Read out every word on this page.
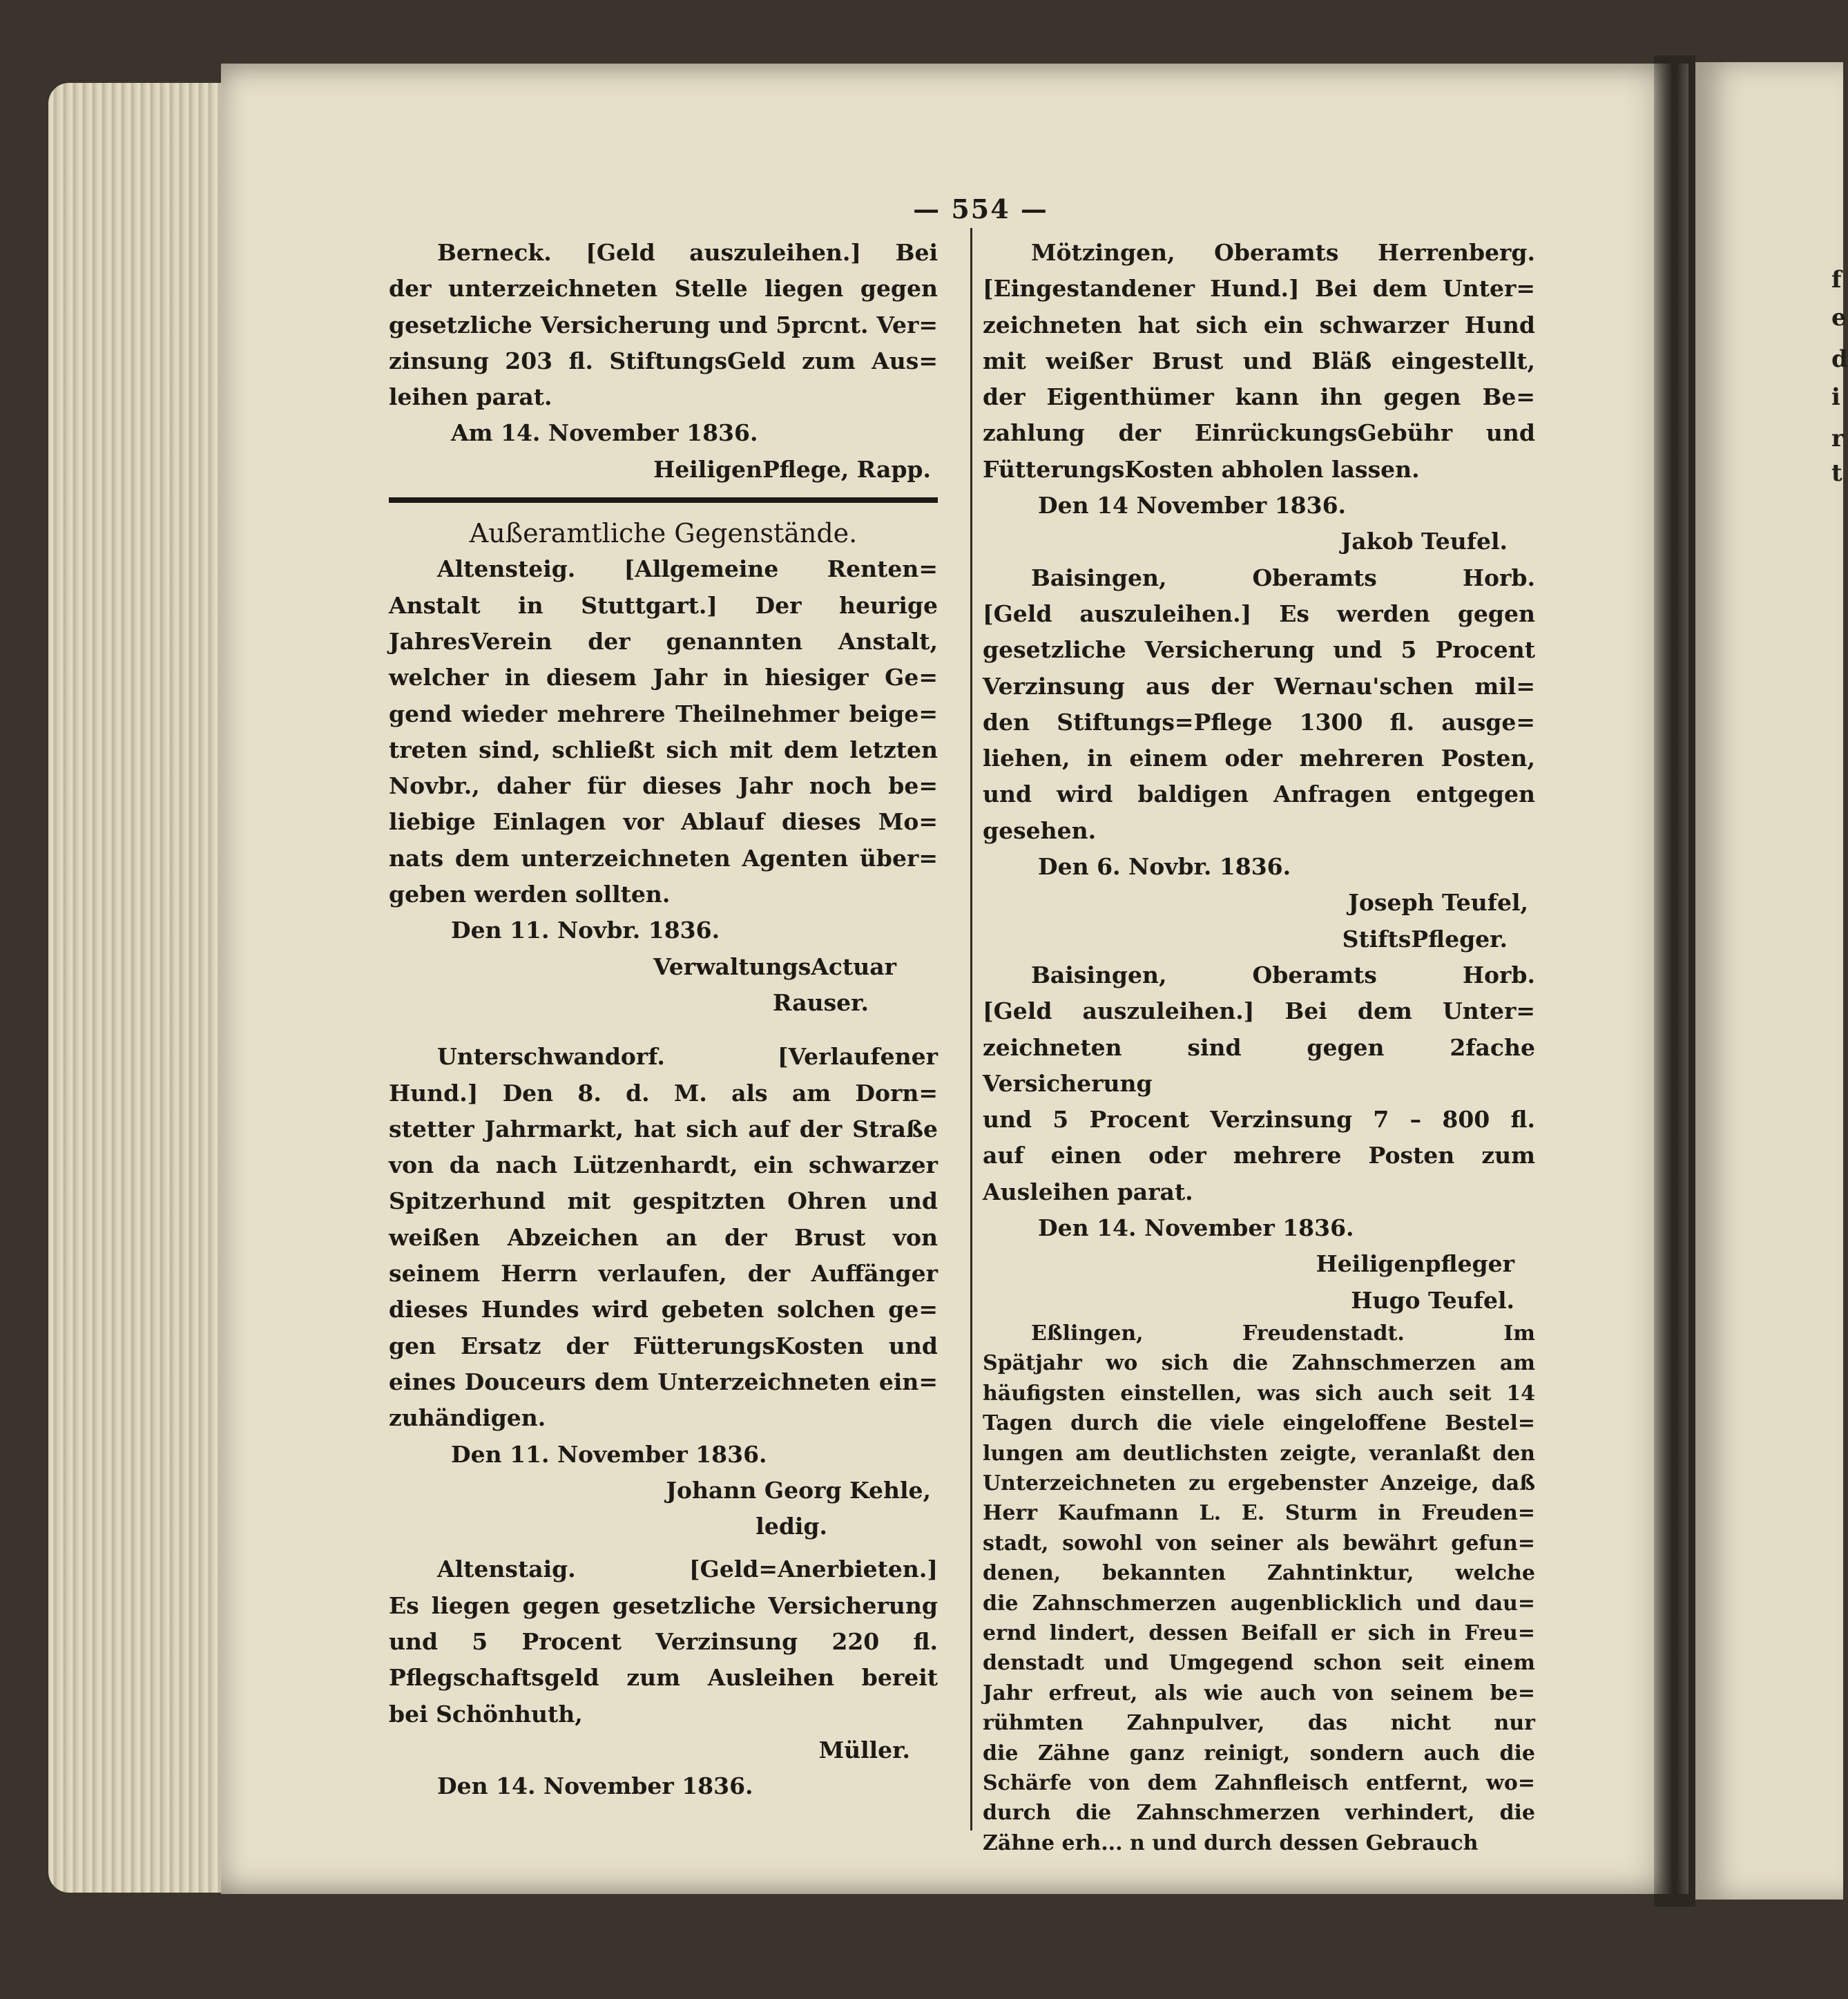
f
e
d
i
r
t
— 554 —

Berneck. [Geld auszuleihen.] Bei
der unterzeichneten Stelle liegen gegen
gesetzliche Versicherung und 5prcnt. Ver=
zinsung 203 fl. StiftungsGeld zum Aus=
leihen parat.

Am 14. November 1836.
HeiligenPflege, Rapp.
Außeramtliche Gegenstände.

Altensteig. [Allgemeine Renten=
Anstalt in Stuttgart.] Der heurige
JahresVerein der genannten Anstalt,
welcher in diesem Jahr in hiesiger Ge=
gend wieder mehrere Theilnehmer beige=
treten sind, schließt sich mit dem letzten
Novbr., daher für dieses Jahr noch be=
liebige Einlagen vor Ablauf dieses Mo=
nats dem unterzeichneten Agenten über=
geben werden sollten.

Den 11. Novbr. 1836.
VerwaltungsActuar
Rauser.

Unterschwandorf. [Verlaufener
Hund.] Den 8. d. M. als am Dorn=
stetter Jahrmarkt, hat sich auf der Straße
von da nach Lützenhardt, ein schwarzer
Spitzerhund mit gespitzten Ohren und
weißen Abzeichen an der Brust von
seinem Herrn verlaufen, der Auffänger
dieses Hundes wird gebeten solchen ge=
gen Ersatz der FütterungsKosten und
eines Douceurs dem Unterzeichneten ein=
zuhändigen.

Den 11. November 1836.
Johann Georg Kehle,
ledig.

Altenstaig. [Geld=Anerbieten.]
Es liegen gegen gesetzliche Versicherung
und 5 Procent Verzinsung 220 fl.
Pflegschaftsgeld zum Ausleihen bereit
bei Schönhuth,

Müller.
Den 14. November 1836.

Mötzingen, Oberamts Herrenberg.
[Eingestandener Hund.] Bei dem Unter=
zeichneten hat sich ein schwarzer Hund
mit weißer Brust und Bläß eingestellt,
der Eigenthümer kann ihn gegen Be=
zahlung der EinrückungsGebühr und
FütterungsKosten abholen lassen.

Den 14 November 1836.
Jakob Teufel.

Baisingen, Oberamts Horb.
[Geld auszuleihen.] Es werden gegen
gesetzliche Versicherung und 5 Procent
Verzinsung aus der Wernau'schen mil=
den Stiftungs=Pflege 1300 fl. ausge=
liehen, in einem oder mehreren Posten,
und wird baldigen Anfragen entgegen
gesehen.

Den 6. Novbr. 1836.
Joseph Teufel,
StiftsPfleger.

Baisingen, Oberamts Horb.
[Geld auszuleihen.] Bei dem Unter=
zeichneten sind gegen 2fache Versicherung
und 5 Procent Verzinsung 7 – 800 fl.
auf einen oder mehrere Posten zum
Ausleihen parat.

Den 14. November 1836.
Heiligenpfleger
Hugo Teufel.

Eßlingen, Freudenstadt. Im
Spätjahr wo sich die Zahnschmerzen am
häufigsten einstellen, was sich auch seit 14
Tagen durch die viele eingeloffene Bestel=
lungen am deutlichsten zeigte, veranlaßt den
Unterzeichneten zu ergebenster Anzeige, daß
Herr Kaufmann L. E. Sturm in Freuden=
stadt, sowohl von seiner als bewährt gefun=
denen, bekannten Zahntinktur, welche
die Zahnschmerzen augenblicklich und dau=
ernd lindert, dessen Beifall er sich in Freu=
denstadt und Umgegend schon seit einem
Jahr erfreut, als wie auch von seinem be=
rühmten Zahnpulver, das nicht nur
die Zähne ganz reinigt, sondern auch die
Schärfe von dem Zahnfleisch entfernt, wo=
durch die Zahnschmerzen verhindert, die
Zähne erh... n und durch dessen Gebrauch
